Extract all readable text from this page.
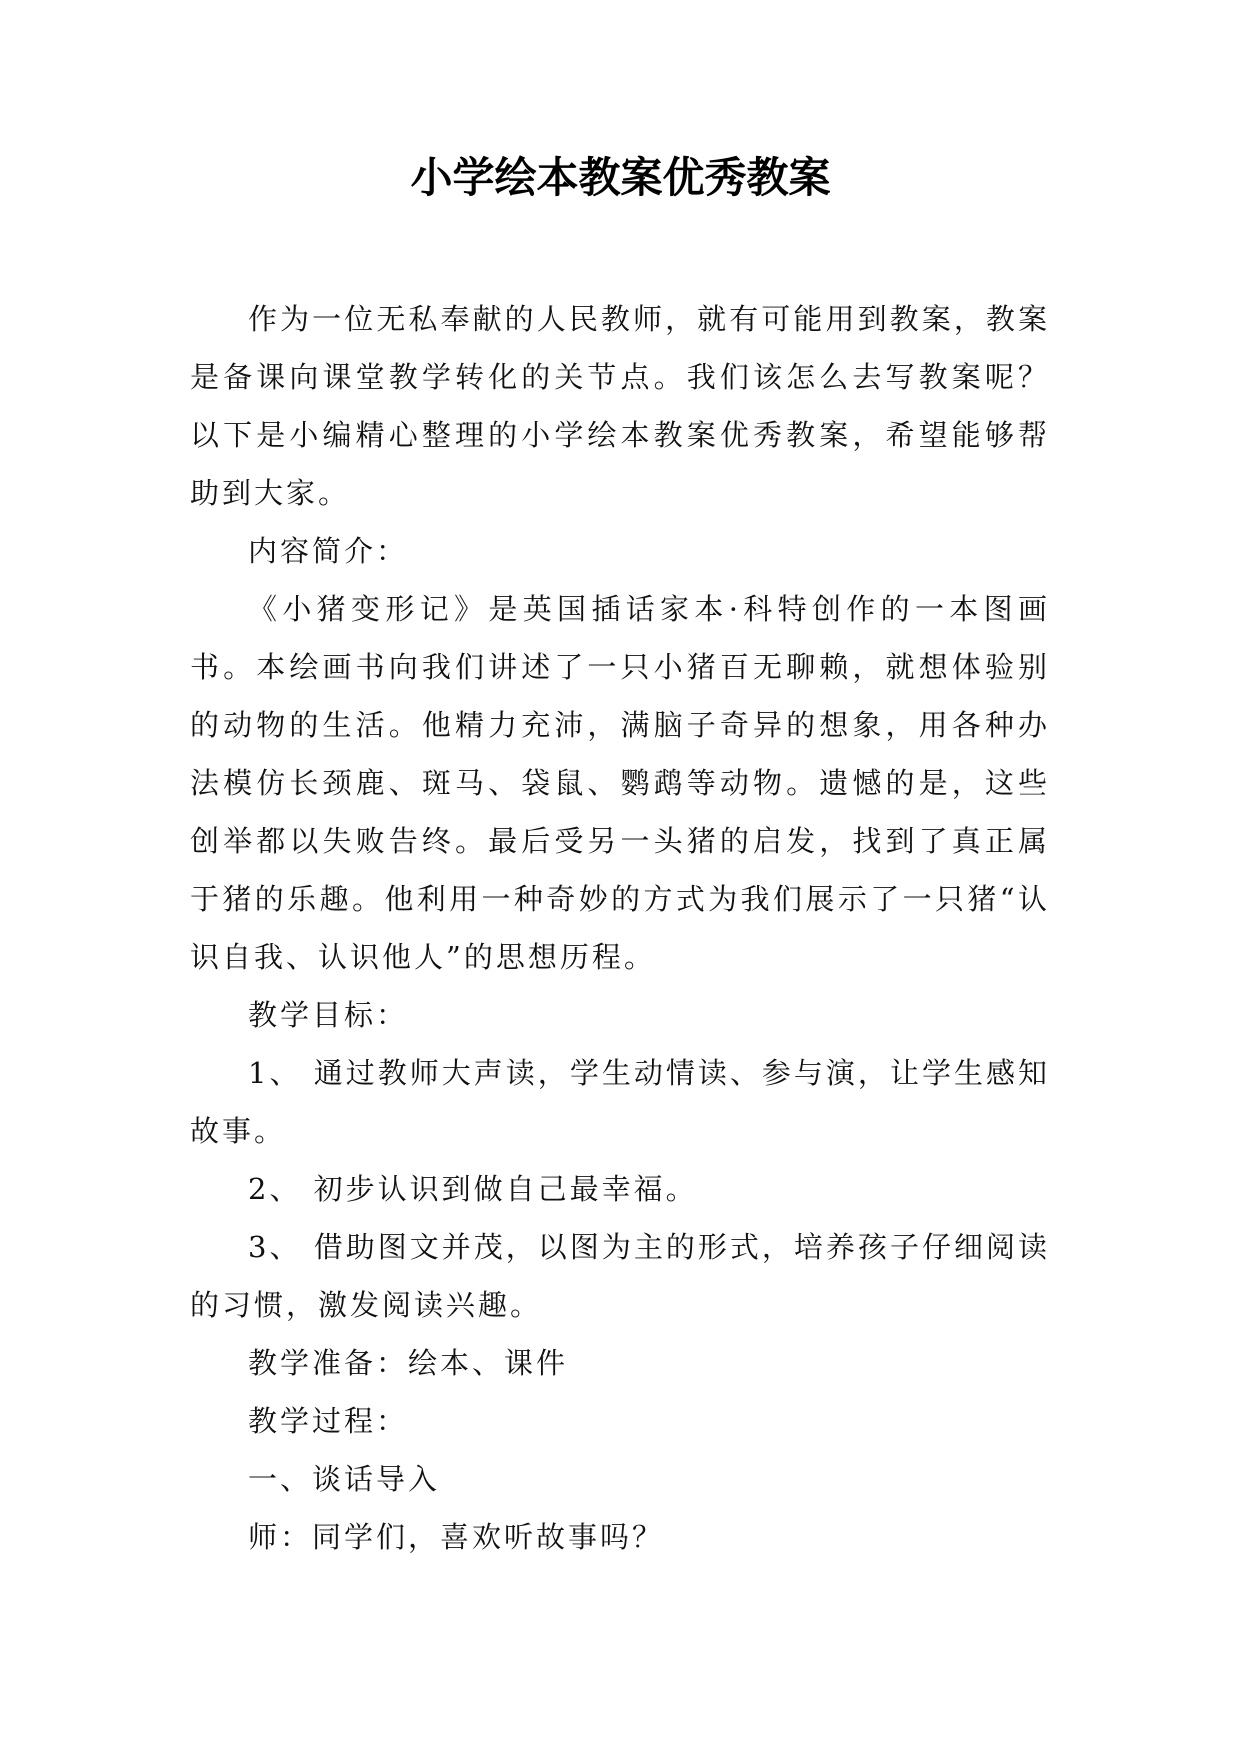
小学绘本教案优秀教案

作为一位无私奉献的人民教师，就有可能用到教案，教案是备课向课堂教学转化的关节点。我们该怎么去写教案呢？以下是小编精心整理的小学绘本教案优秀教案，希望能够帮助到大家。

内容简介：

《小猪变形记》是英国插话家本·科特创作的一本图画书。本绘画书向我们讲述了一只小猪百无聊赖，就想体验别的动物的生活。他精力充沛，满脑子奇异的想象，用各种办法模仿长颈鹿、斑马、袋鼠、鹦鹉等动物。遗憾的是，这些创举都以失败告终。最后受另一头猪的启发，找到了真正属于猪的乐趣。他利用一种奇妙的方式为我们展示了一只猪“认识自我、认识他人”的思想历程。

教学目标：

1、 通过教师大声读，学生动情读、参与演，让学生感知故事。

2、 初步认识到做自己最幸福。

3、 借助图文并茂，以图为主的形式，培养孩子仔细阅读的习惯，激发阅读兴趣。

教学准备：绘本、课件

教学过程：

一、谈话导入

师：同学们，喜欢听故事吗？
